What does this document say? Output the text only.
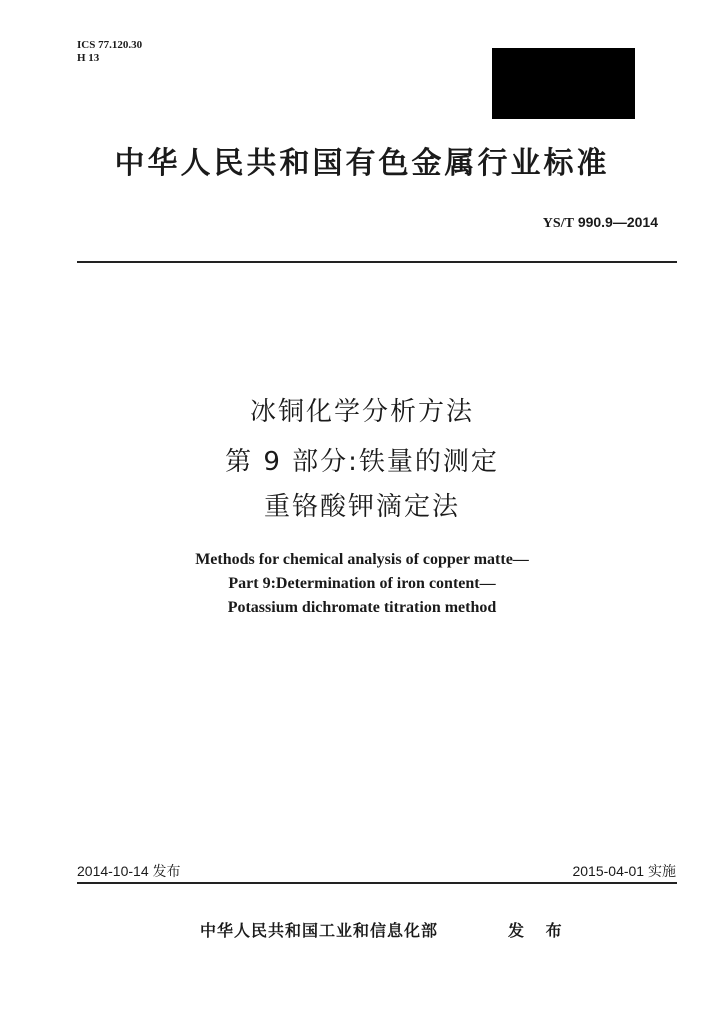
ICS 77.120.30
H 13
中华人民共和国有色金属行业标准
YS/T 990.9—2014
冰铜化学分析方法
第 9 部分:铁量的测定
重铬酸钾滴定法
Methods for chemical analysis of copper matte—
Part 9:Determination of iron content—
Potassium dichromate titration method
2014-10-14 发布	2015-04-01 实施
中华人民共和国工业和信息化部	发 布
